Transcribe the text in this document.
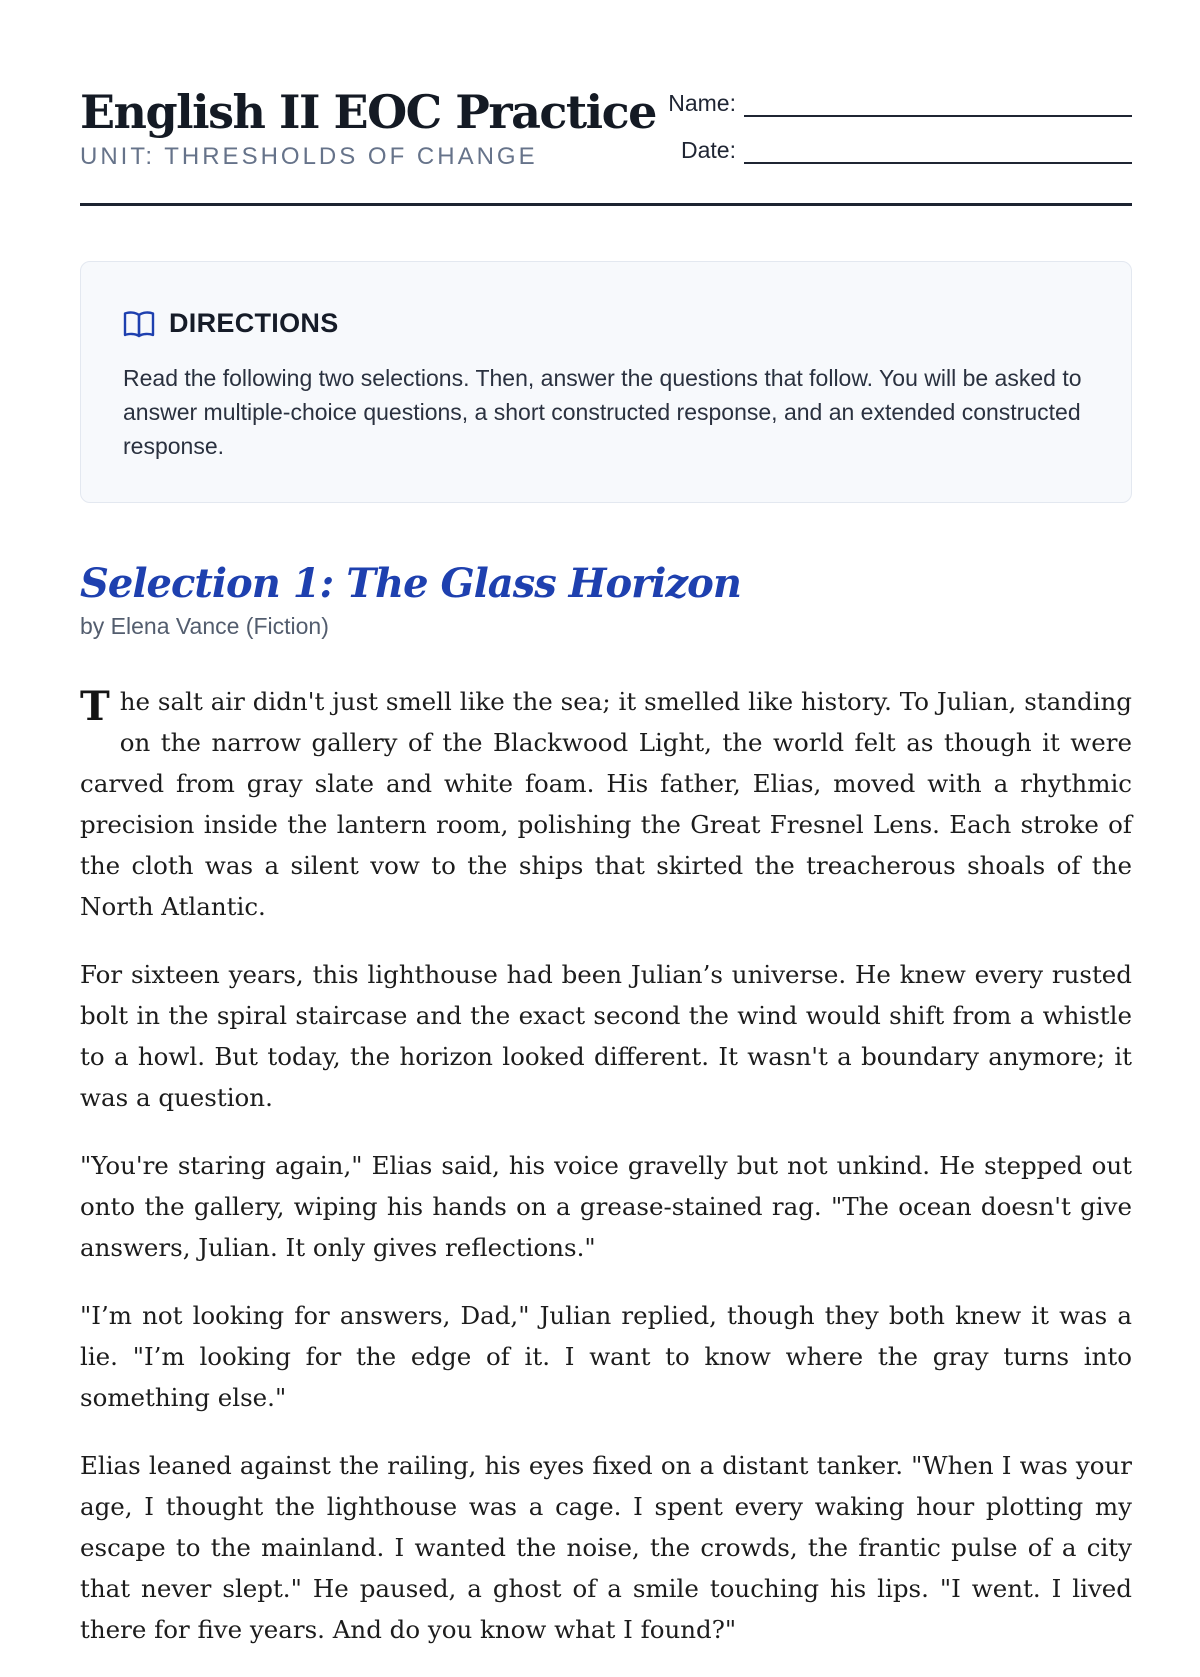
English II EOC Practice
UNIT: THRESHOLDS OF CHANGE
Name:
Date:
DIRECTIONS

Read the following two selections. Then, answer the questions that follow. You will be asked to answer multiple-choice questions, a short constructed response, and an extended constructed response.

Selection 1: The Glass Horizon
by Elena Vance (Fiction)

The salt air didn't just smell like the sea; it smelled like history. To Julian, standing on the narrow gallery of the Blackwood Light, the world felt as though it were carved from gray slate and white foam. His father, Elias, moved with a rhythmic precision inside the lantern room, polishing the Great Fresnel Lens. Each stroke of the cloth was a silent vow to the ships that skirted the treacherous shoals of the North Atlantic.

For sixteen years, this lighthouse had been Julian’s universe. He knew every rusted bolt in the spiral staircase and the exact second the wind would shift from a whistle to a howl. But today, the horizon looked different. It wasn't a boundary anymore; it was a question.

"You're staring again," Elias said, his voice gravelly but not unkind. He stepped out onto the gallery, wiping his hands on a grease-stained rag. "The ocean doesn't give answers, Julian. It only gives reflections."

"I’m not looking for answers, Dad," Julian replied, though they both knew it was a lie. "I’m looking for the edge of it. I want to know where the gray turns into something else."

Elias leaned against the railing, his eyes fixed on a distant tanker. "When I was your age, I thought the lighthouse was a cage. I spent every waking hour plotting my escape to the mainland. I wanted the noise, the crowds, the frantic pulse of a city that never slept." He paused, a ghost of a smile touching his lips. "I went. I lived there for five years. And do you know what I found?"
